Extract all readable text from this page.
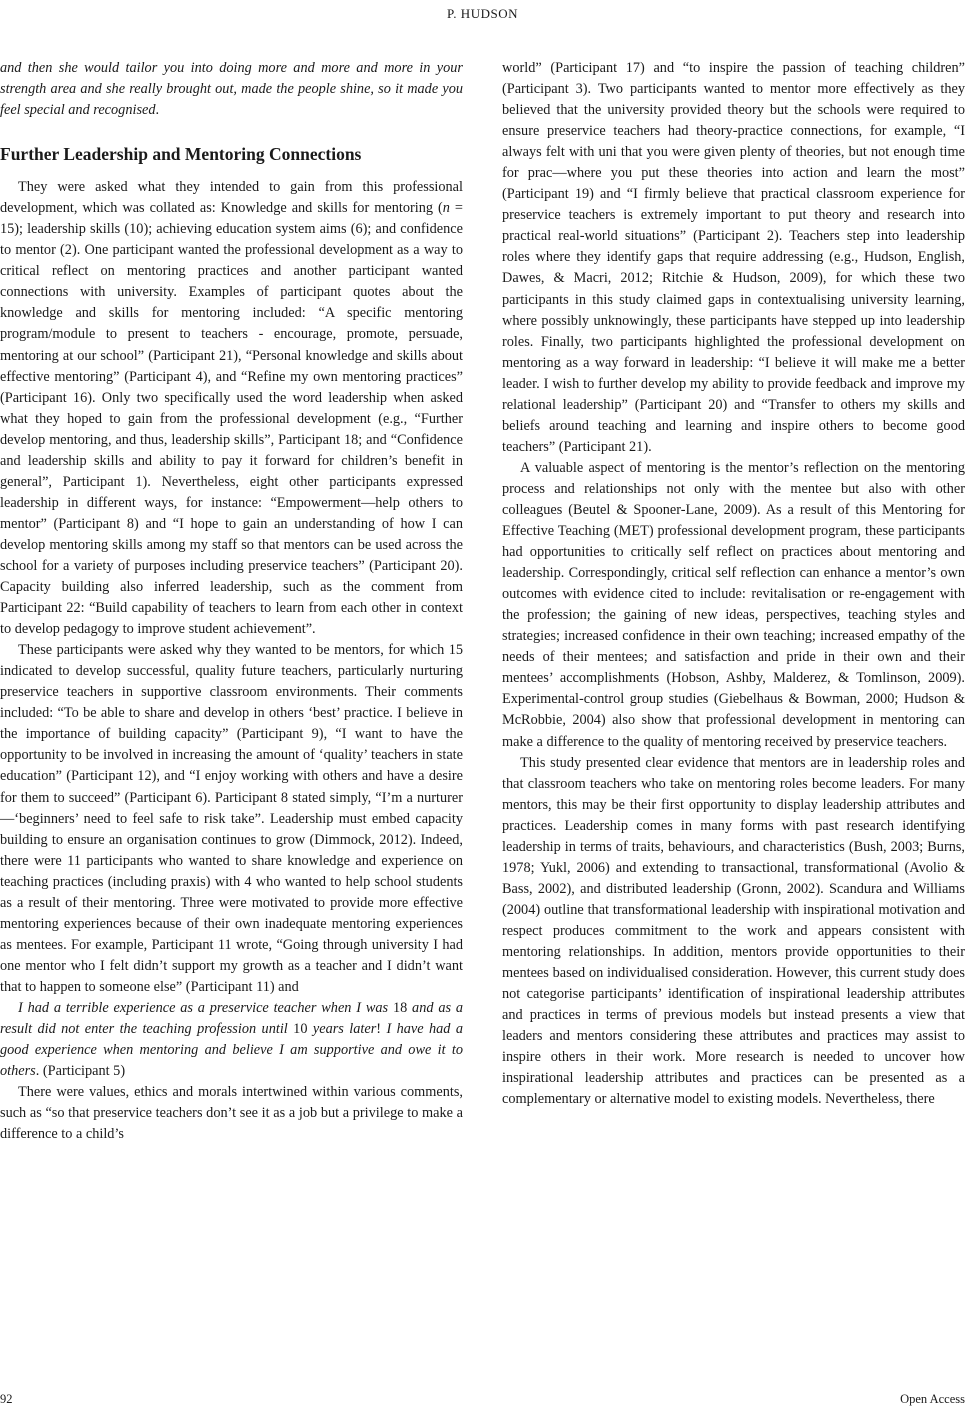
P. HUDSON

and then she would tailor you into doing more and more and more in your strength area and she really brought out, made the people shine, so it made you feel special and recognised.

Further Leadership and Mentoring Connections

They were asked what they intended to gain from this professional development, which was collated as: Knowledge and skills for mentoring (n = 15); leadership skills (10); achieving education system aims (6); and confidence to mentor (2). One participant wanted the professional development as a way to critical reflect on mentoring practices and another participant wanted connections with university. Examples of participant quotes about the knowledge and skills for mentoring included: “A specific mentoring program/module to present to teachers - encourage, promote, persuade, mentoring at our school” (Participant 21), “Personal knowledge and skills about effective mentoring” (Participant 4), and “Refine my own mentoring practices” (Participant 16). Only two specifically used the word leadership when asked what they hoped to gain from the professional development (e.g., “Further develop mentoring, and thus, leadership skills”, Participant 18; and “Confidence and leadership skills and ability to pay it forward for children’s benefit in general”, Participant 1). Nevertheless, eight other participants expressed leadership in different ways, for instance: “Empowerment—help others to mentor” (Participant 8) and “I hope to gain an understanding of how I can develop mentoring skills among my staff so that mentors can be used across the school for a variety of purposes including preservice teachers” (Participant 20). Capacity building also inferred leadership, such as the comment from Participant 22: “Build capability of teachers to learn from each other in context to develop pedagogy to improve student achievement”.

These participants were asked why they wanted to be mentors, for which 15 indicated to develop successful, quality future teachers, particularly nurturing preservice teachers in supportive classroom environments. Their comments included: “To be able to share and develop in others ‘best’ practice. I believe in the importance of building capacity” (Participant 9), “I want to have the opportunity to be involved in increasing the amount of ‘quality’ teachers in state education” (Participant 12), and “I enjoy working with others and have a desire for them to succeed” (Participant 6). Participant 8 stated simply, “I’m a nurturer—‘beginners’ need to feel safe to risk take”. Leadership must embed capacity building to ensure an organisation continues to grow (Dimmock, 2012). Indeed, there were 11 participants who wanted to share knowledge and experience on teaching practices (including praxis) with 4 who wanted to help school students as a result of their mentoring. Three were motivated to provide more effective mentoring experiences because of their own inadequate mentoring experiences as mentees. For example, Participant 11 wrote, “Going through university I had one mentor who I felt didn’t support my growth as a teacher and I didn’t want that to happen to someone else” (Participant 11) and

I had a terrible experience as a preservice teacher when I was 18 and as a result did not enter the teaching profession until 10 years later! I have had a good experience when mentoring and believe I am supportive and owe it to others. (Participant 5)

There were values, ethics and morals intertwined within various comments, such as “so that preservice teachers don’t see it as a job but a privilege to make a difference to a child’s

world” (Participant 17) and “to inspire the passion of teaching children” (Participant 3). Two participants wanted to mentor more effectively as they believed that the university provided theory but the schools were required to ensure preservice teachers had theory-practice connections, for example, “I always felt with uni that you were given plenty of theories, but not enough time for prac—where you put these theories into action and learn the most” (Participant 19) and “I firmly believe that practical classroom experience for preservice teachers is extremely important to put theory and research into practical real-world situations” (Participant 2). Teachers step into leadership roles where they identify gaps that require addressing (e.g., Hudson, English, Dawes, & Macri, 2012; Ritchie & Hudson, 2009), for which these two participants in this study claimed gaps in contextualising university learning, where possibly unknowingly, these participants have stepped up into leadership roles. Finally, two participants highlighted the professional development on mentoring as a way forward in leadership: “I believe it will make me a better leader. I wish to further develop my ability to provide feedback and improve my relational leadership” (Participant 20) and “Transfer to others my skills and beliefs around teaching and learning and inspire others to become good teachers” (Participant 21).

A valuable aspect of mentoring is the mentor’s reflection on the mentoring process and relationships not only with the mentee but also with other colleagues (Beutel & Spooner-Lane, 2009). As a result of this Mentoring for Effective Teaching (MET) professional development program, these participants had opportunities to critically self reflect on practices about mentoring and leadership. Correspondingly, critical self reflection can enhance a mentor’s own outcomes with evidence cited to include: revitalisation or re-engagement with the profession; the gaining of new ideas, perspectives, teaching styles and strategies; increased confidence in their own teaching; increased empathy of the needs of their mentees; and satisfaction and pride in their own and their mentees’ accomplishments (Hobson, Ashby, Malderez, & Tomlinson, 2009). Experimental-control group studies (Giebelhaus & Bowman, 2000; Hudson & McRobbie, 2004) also show that professional development in mentoring can make a difference to the quality of mentoring received by preservice teachers.

This study presented clear evidence that mentors are in leadership roles and that classroom teachers who take on mentoring roles become leaders. For many mentors, this may be their first opportunity to display leadership attributes and practices. Leadership comes in many forms with past research identifying leadership in terms of traits, behaviours, and characteristics (Bush, 2003; Burns, 1978; Yukl, 2006) and extending to transactional, transformational (Avolio & Bass, 2002), and distributed leadership (Gronn, 2002). Scandura and Williams (2004) outline that transformational leadership with inspirational motivation and respect produces commitment to the work and appears consistent with mentoring relationships. In addition, mentors provide opportunities to their mentees based on individualised consideration. However, this current study does not categorise participants’ identification of inspirational leadership attributes and practices in terms of previous models but instead presents a view that leaders and mentors considering these attributes and practices may assist to inspire others in their work. More research is needed to uncover how inspirational leadership attributes and practices can be presented as a complementary or alternative model to existing models. Nevertheless, there

92	Open Access
